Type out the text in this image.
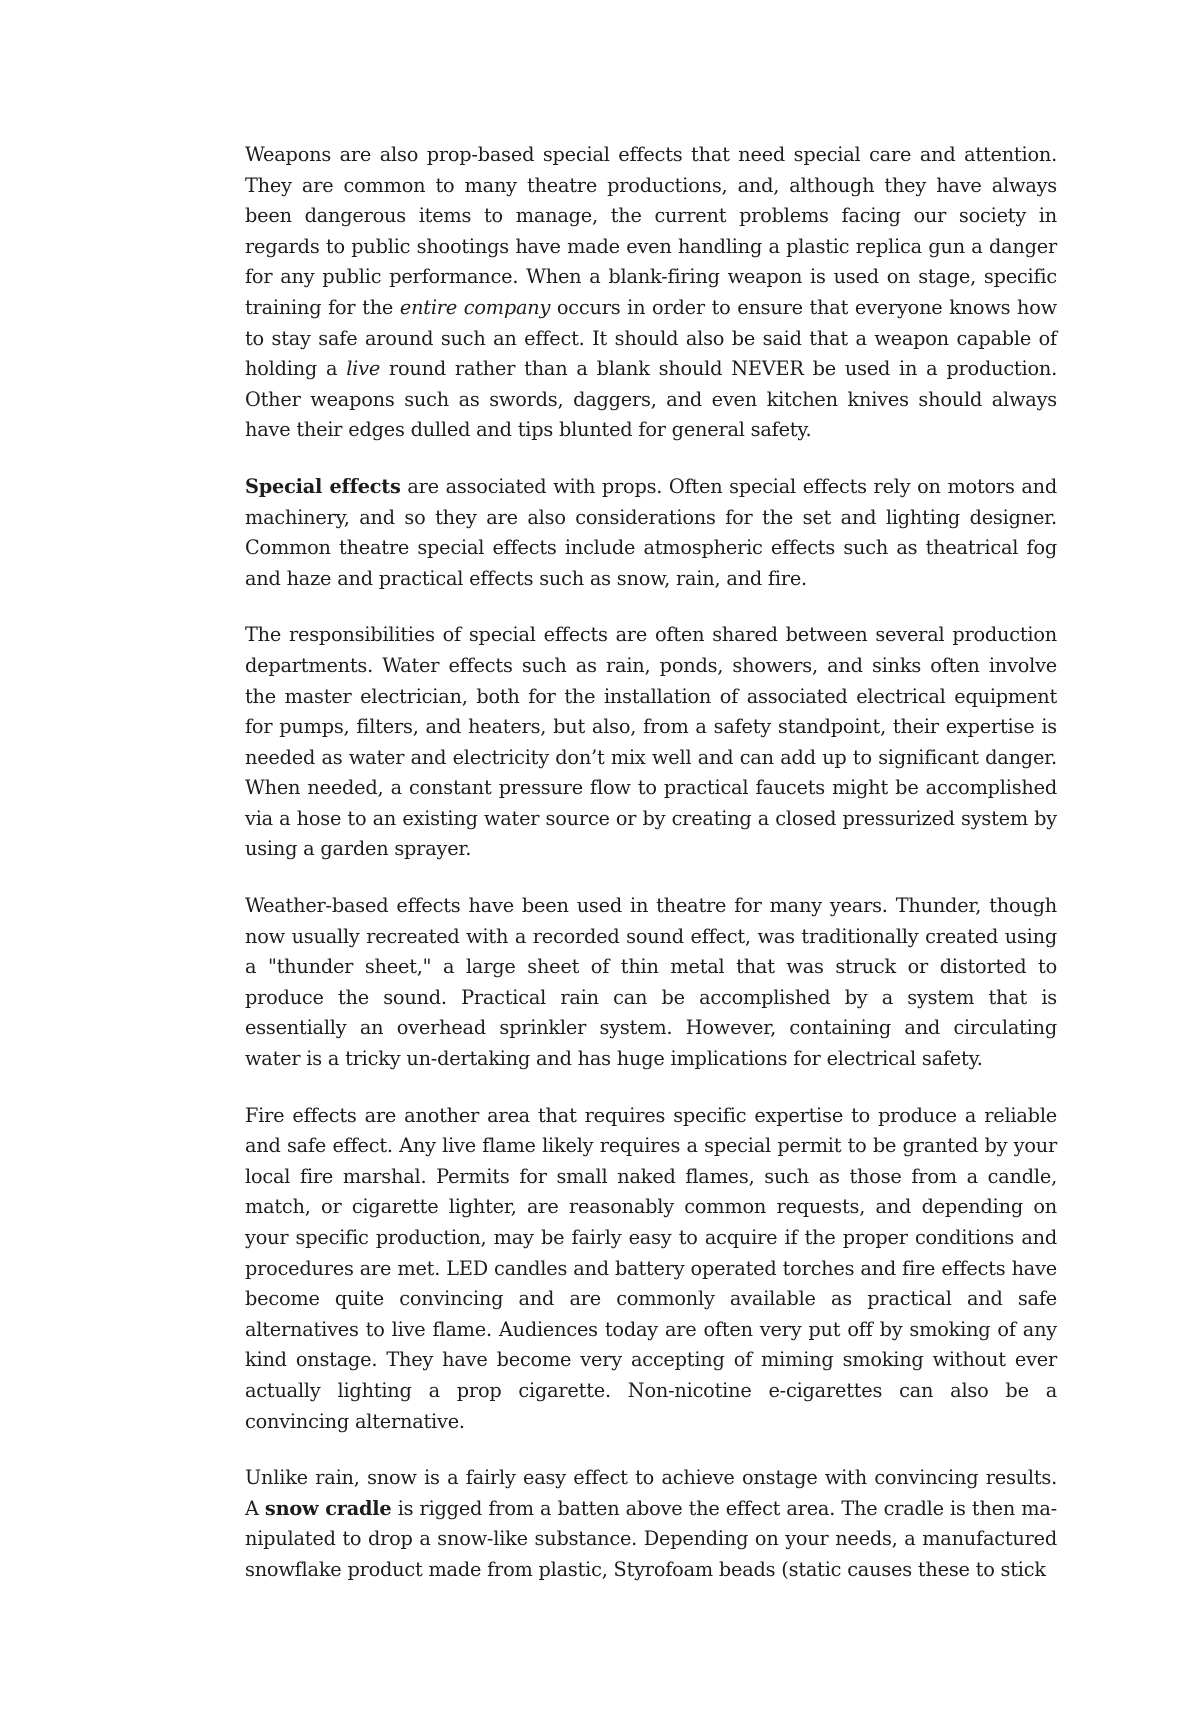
Weapons are also prop-based special effects that need special care and attention. They are common to many theatre productions, and, although they have always been dangerous items to manage, the current problems facing our society in regards to public shootings have made even handling a plastic replica gun a danger for any public performance. When a blank-firing weapon is used on stage, specific training for the entire company occurs in order to ensure that everyone knows how to stay safe around such an effect. It should also be said that a weapon capable of holding a live round rather than a blank should NEVER be used in a production. Other weapons such as swords, daggers, and even kitchen knives should always have their edges dulled and tips blunted for general safety.

Special effects are associated with props. Often special effects rely on motors and machinery, and so they are also considerations for the set and lighting designer. Common theatre special effects include atmospheric effects such as theatrical fog and haze and practical effects such as snow, rain, and fire.

The responsibilities of special effects are often shared between several production departments. Water effects such as rain, ponds, showers, and sinks often involve the master electrician, both for the installation of associated electrical equipment for pumps, filters, and heaters, but also, from a safety standpoint, their expertise is needed as water and electricity don’t mix well and can add up to significant danger. When needed, a constant pressure flow to practical faucets might be accomplished via a hose to an existing water source or by creating a closed pressurized system by using a garden sprayer.

Weather-based effects have been used in theatre for many years. Thunder, though now usually recreated with a recorded sound effect, was traditionally created using a "thunder sheet," a large sheet of thin metal that was struck or distorted to produce the sound. Practical rain can be accomplished by a system that is essentially an overhead sprinkler system. However, containing and circulating water is a tricky un-dertaking and has huge implications for electrical safety.

Fire effects are another area that requires specific expertise to produce a reliable and safe effect. Any live flame likely requires a special permit to be granted by your local fire marshal. Permits for small naked flames, such as those from a candle, match, or cigarette lighter, are reasonably common requests, and depending on your specific production, may be fairly easy to acquire if the proper conditions and procedures are met. LED candles and battery operated torches and fire effects have become quite convincing and are commonly available as practical and safe alternatives to live flame. Audiences today are often very put off by smoking of any kind onstage. They have become very accepting of miming smoking without ever actually lighting a prop cigarette. Non-nicotine e-cigarettes can also be a convincing alternative.

Unlike rain, snow is a fairly easy effect to achieve onstage with convincing results. A snow cradle is rigged from a batten above the effect area. The cradle is then ma-nipulated to drop a snow-like substance. Depending on your needs, a manufactured snowflake product made from plastic, Styrofoam beads (static causes these to stick
